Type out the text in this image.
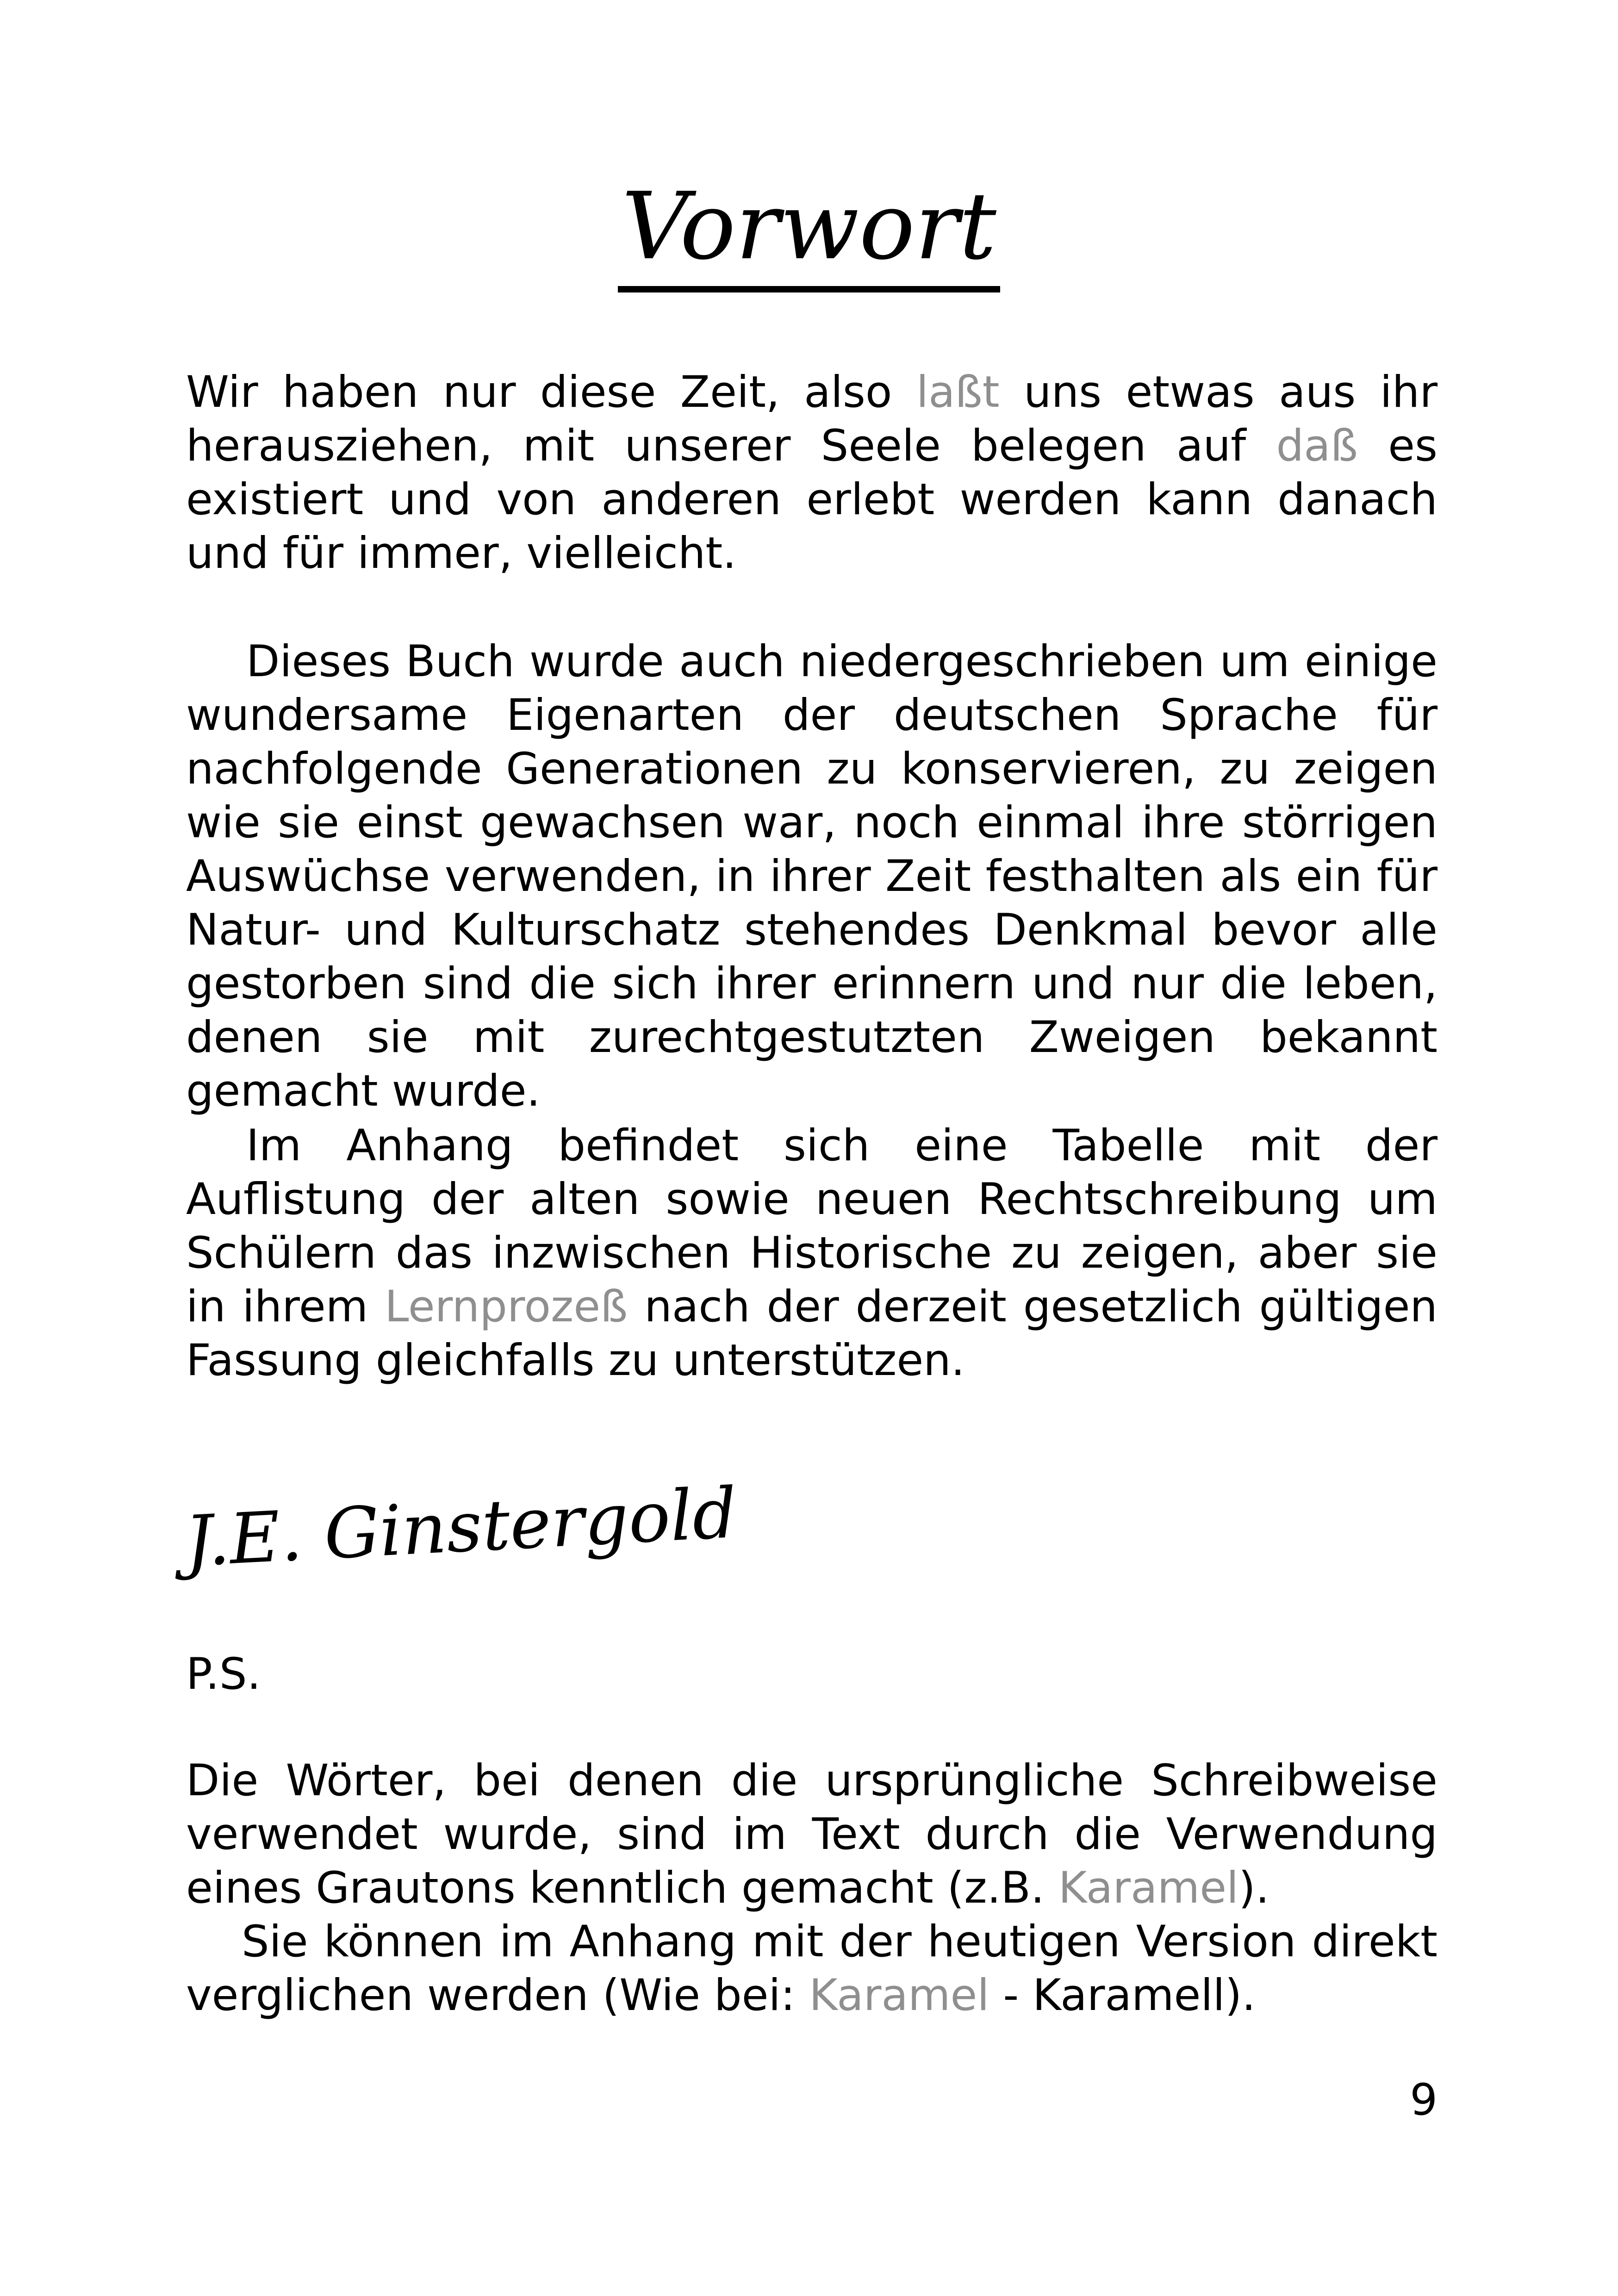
Vorwort

Wir haben nur diese Zeit, also laßt uns etwas aus ihr herausziehen, mit unserer Seele belegen auf daß es existiert und von anderen erlebt werden kann danach und für immer, vielleicht.

Dieses Buch wurde auch niedergeschrieben um einige wundersame Eigenarten der deutschen Sprache für nachfolgende Generationen zu konservieren, zu zeigen wie sie einst gewachsen war, noch einmal ihre störrigen Auswüchse verwenden, in ihrer Zeit festhalten als ein für Natur- und Kulturschatz stehendes Denkmal bevor alle gestorben sind die sich ihrer erinnern und nur die leben, denen sie mit zurechtgestutzten Zweigen bekannt gemacht wurde.

Im Anhang befindet sich eine Tabelle mit der Auflistung der alten sowie neuen Rechtschreibung um Schülern das inzwischen Historische zu zeigen, aber sie in ihrem Lernprozeß nach der derzeit gesetzlich gültigen Fassung gleichfalls zu unterstützen.

J.E. Ginstergold

P.S.

Die Wörter, bei denen die ursprüngliche Schreibweise verwendet wurde, sind im Text durch die Verwendung eines Grautons kenntlich gemacht (z.B. Karamel).

Sie können im Anhang mit der heutigen Version direkt verglichen werden (Wie bei: Karamel - Karamell).

9
